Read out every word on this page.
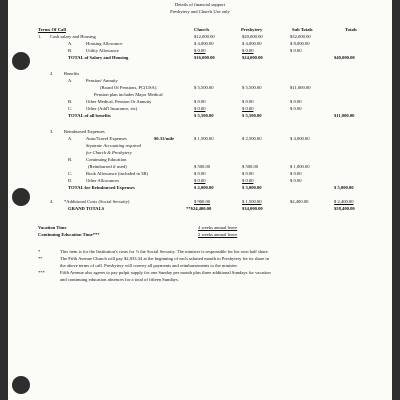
Details of financial support
Presbytery and Church Use only
Terms Of Call	Church	Presbytery	Sub Totals	Totals
1. Cash salary and Housing	$12,000.00	$20,000.00	$32,000.00
A.	Housing Allowance	$ 4,000.00	$ 4,000.00	$ 8,000.00
B.	Utility Allowance	$ 0.00	$ 0.00	$ 0.00
TOTAL of Salary and Housing	$16,000.00	$24,000.00	$40,000.00
2. Benefits
A.	Pension/ Annuity
(Board Of Pensions, PC(USA)	$ 5,500.00	$ 5,500.00	$11,000.00
Pension plan includes Major Medical
B.	Other Medical, Pension Or Annuity	$ 0.00	$ 0.00	$ 0.00
C.	Other (Add'l Insurance, etc)	$ 0.00	$ 0.00	$ 0.00
TOTAL of all benefits	$ 5,500.00	$ 5,500.00	$11,000.00
3. Reimbursed Expenses
A.	Auto/Travel Expenses	$0.31/mile	$ 1,500.00	$ 2,500.00	$ 4,000.00
Separate Accounting required
for Church & Presbytery
B.	Continuing Education
(Reimbursed if used)	$ 500.00	$ 500.00	$ 1,000.00
C.	Book Allowance (included in 3B)	$ 0.00	$ 0.00	$ 0.00
D.	Other Allowances	$ 0.00	$ 0.00	$ 0.00
TOTAL for Reimbursed Expenses	$ 2,000.00	$ 3,000.00	$ 5,000.00
4. *Additional Costs (Social Security)	$ 900.00	$ 1,500.00	$2,400.00	$ 2,400.00
GRAND TOTALS	**$24,400.00	$34,000.00	$58,400.00
Vacation Time	4 weeks annual leave
Continuing Education Time***	2 weeks annual leave
*	This item is for the Institution's costs for ½ the Social Security. The minister is responsible for his own half share.
**	The Fifth Avenue Church will pay $2,033.34 at the beginning of each salaried month to Presbytery for its share in
the above terms of call. Presbytery will convey all payments and reimbursements to the minister.
***	Fifth Avenue also agrees to pay pulpit supply for one Sunday per month plus three additional Sundays for vacation
and continuing education absences for a total of fifteen Sundays.
